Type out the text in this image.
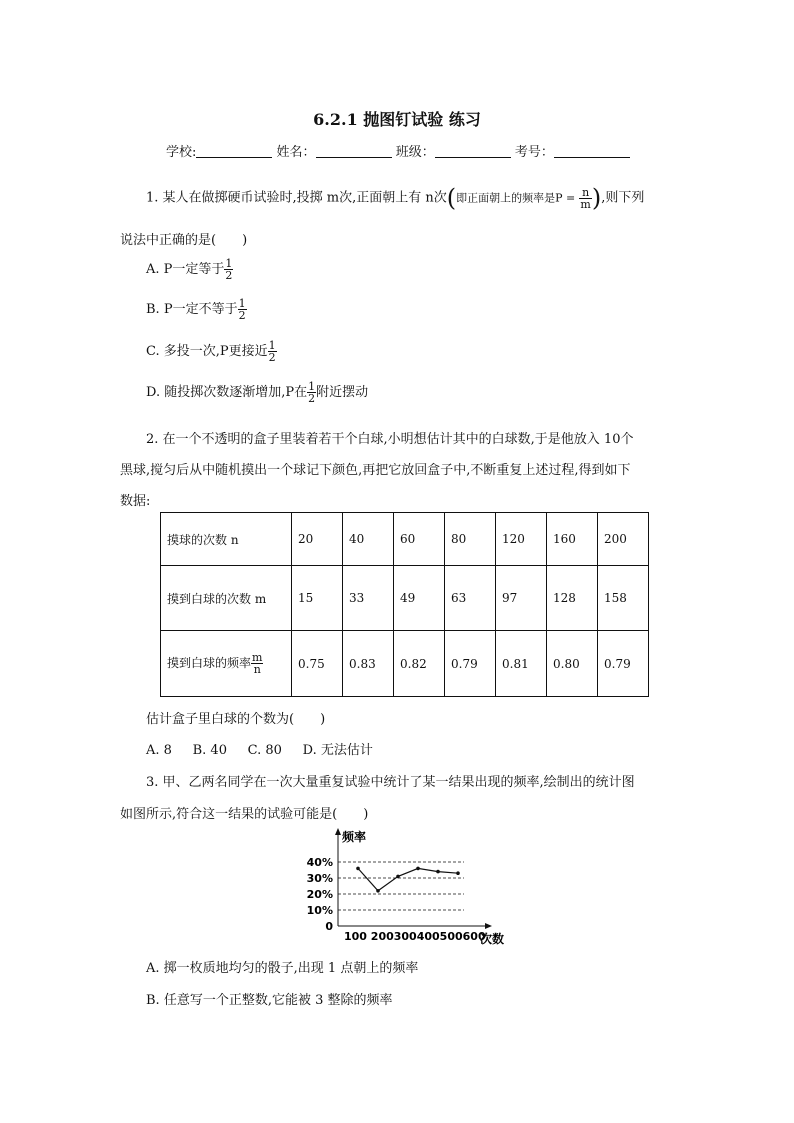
6.2.1 抛图钉试验 练习
学校:	姓名：	班级：	考号：
1. 某人在做掷硬币试验时,投掷 m次,正面朝上有 n次(即正面朝上的频率是$P = \frac{n}{m}$ ),则下列
说法中正确的是(　　)
A. P一定等于 $\frac{1}{2}$
B. P一定不等于 $\frac{1}{2}$
C. 多投一次,P更接近 $\frac{1}{2}$
D. 随投掷次数逐渐增加,P在 $\frac{1}{2}$ 附近摆动
2. 在一个不透明的盒子里装着若干个白球,小明想估计其中的白球数,于是他放入 10个
黑球,搅匀后从中随机摸出一个球记下颜色,再把它放回盒子中,不断重复上述过程,得到如下
数据:
摸球的次数 n	20	40	60	80	120	160	200
摸到白球的次数 m	15	33	49	63	97	128	158
摸到白球的频率 $\frac{m}{n}$	0.75	0.83	0.82	0.79	0.81	0.80	0.79
估计盒子里白球的个数为(　　)
A. 8 B. 40 C. 80 D. 无法估计
3. 甲、乙两名同学在一次大量重复试验中统计了某一结果出现的频率,绘制出的统计图
如图所示,符合这一结果的试验可能是(　　)
频率
次数
100 200300400500600
0
10%
20%
30%
40%
A. 掷一枚质地均匀的骰子,出现 1 点朝上的频率
B. 任意写一个正整数,它能被 3 整除的频率
